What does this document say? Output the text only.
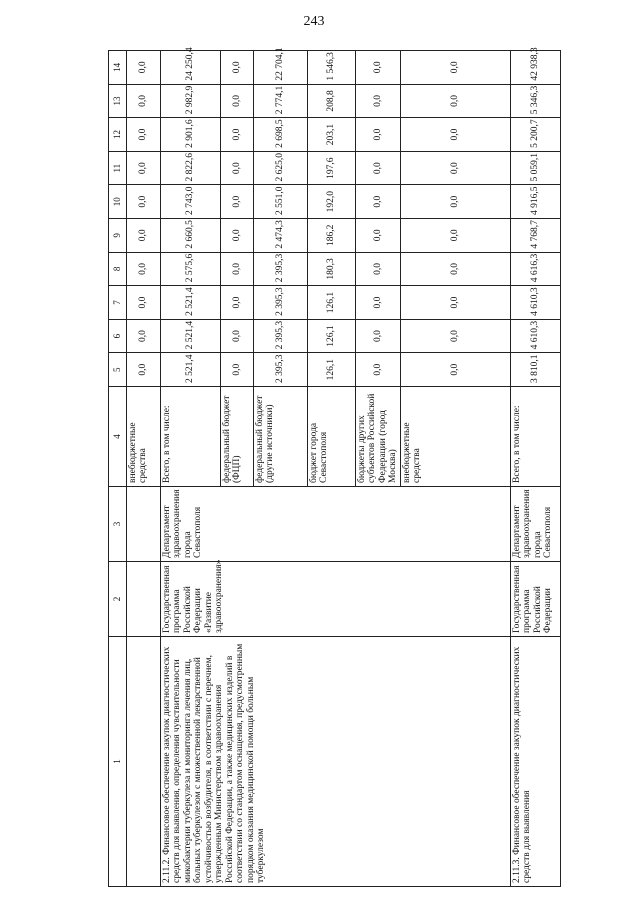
243
1	2	3	4	5	6	7	8	9	10	11	12	13	14
			внебюджетные средства	0,0	0,0	0,0	0,0	0,0	0,0	0,0	0,0	0,0	0,0
2.11.2. Финансовое обеспечение закупок диагностических средств для выявления, определения чувствительности микобактерии туберкулеза и мониторинга лечения лиц, больных туберкулезом с множественной лекарственной устойчивостью возбудителя, в соответствии с перечнем, утвержденным Министерством здравоохранения Российской Федерации, а также медицинских изделий в соответствии со стандартом оснащения, предусмотренным порядком оказания медицинской помощи больным туберкулезом	Государственная программа Российской Федерации «Развитие здравоохранения»	Департамент здравоохранения города Севастополя	Всего, в том числе:	2 521,4	2 521,4	2 521,4	2 575,6	2 660,5	2 743,0	2 822,6	2 901,6	2 982,9	24 250,4
			федеральный бюджет (ФЦП)	0,0	0,0	0,0	0,0	0,0	0,0	0,0	0,0	0,0	0,0
			федеральный бюджет (другие источники)	2 395,3	2 395,3	2 395,3	2 395,3	2 474,3	2 551,0	2 625,0	2 698,5	2 774,1	22 704,1
			бюджет города Севастополя	126,1	126,1	126,1	180,3	186,2	192,0	197,6	203,1	208,8	1 546,3
			бюджеты других субъектов Российской Федерации (город Москва)	0,0	0,0	0,0	0,0	0,0	0,0	0,0	0,0	0,0	0,0
			внебюджетные средства	0,0	0,0	0,0	0,0	0,0	0,0	0,0	0,0	0,0	0,0
2.11.3. Финансовое обеспечение закупок диагностических средств для выявления	Государственная программа Российской Федерации	Департамент здравоохранения города Севастополя	Всего, в том числе:	3 810,1	4 610,3	4 610,3	4 616,3	4 768,7	4 916,5	5 059,1	5 200,7	5 346,3	42 938,3
